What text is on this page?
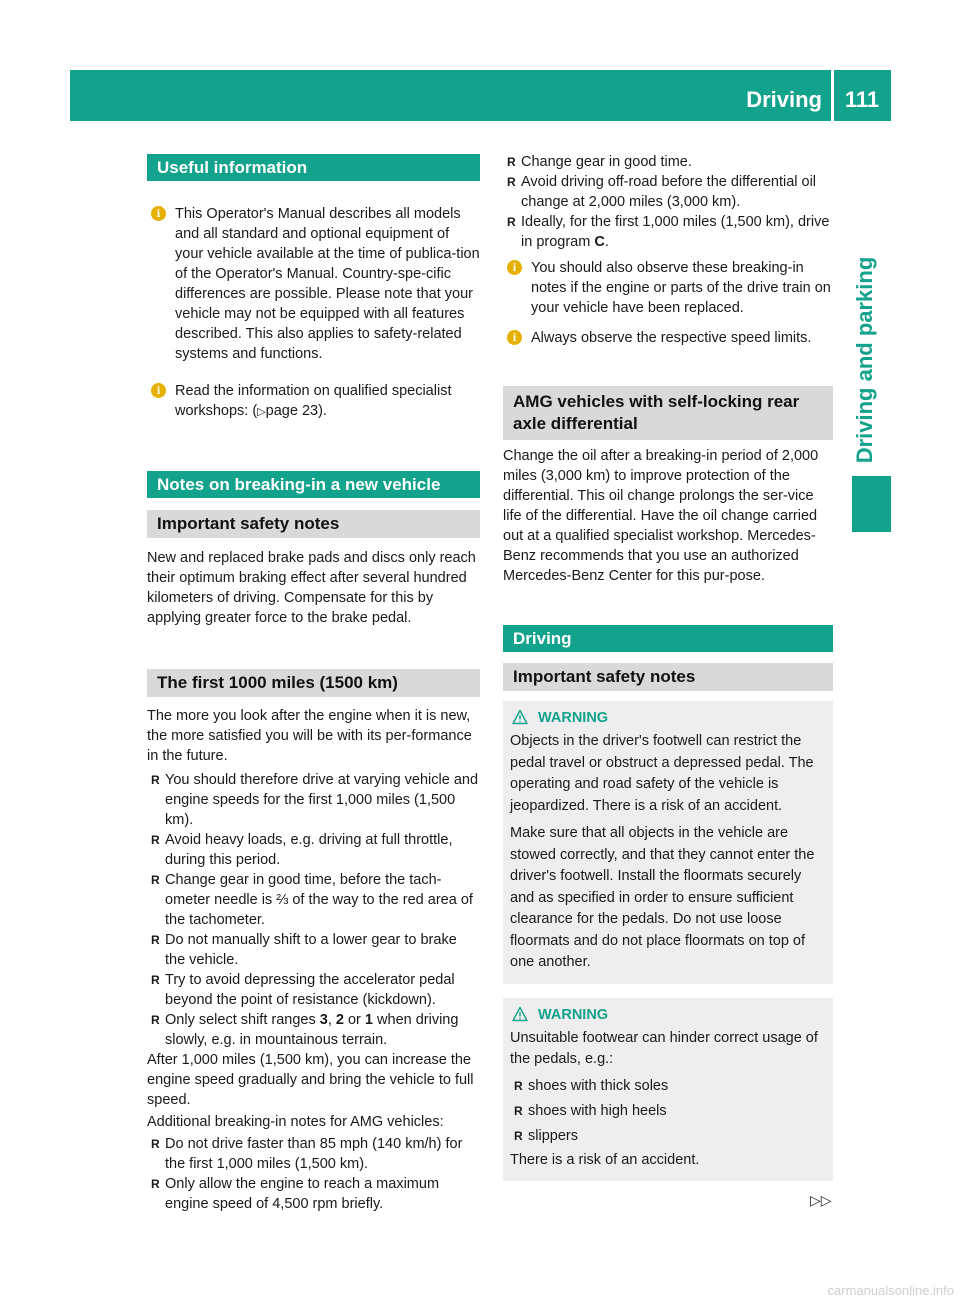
Driving 111
Driving and parking
Useful information
i	This Operator's Manual describes all models and all standard and optional equipment of your vehicle available at the time of publica-tion of the Operator's Manual. Country-spe-cific differences are possible. Please note that your vehicle may not be equipped with all features described. This also applies to safety-related systems and functions.

i	Read the information on qualified specialist workshops: (▷page 23).

Notes on breaking-in a new vehicle
Important safety notes

New and replaced brake pads and discs only reach their optimum braking effect after several hundred kilometers of driving. Compensate for this by applying greater force to the brake pedal.

The first 1000 miles (1500 km)

The more you look after the engine when it is new, the more satisfied you will be with its per-formance in the future.

R You should therefore drive at varying vehicle and engine speeds for the first 1,000 miles (1,500 km).
R Avoid heavy loads, e.g. driving at full throttle, during this period.
R Change gear in good time, before the tach-ometer needle is ⅔ of the way to the red area of the tachometer.
R Do not manually shift to a lower gear to brake the vehicle.
R Try to avoid depressing the accelerator pedal beyond the point of resistance (kickdown).
R Only select shift ranges 3, 2 or 1 when driving slowly, e.g. in mountainous terrain.

After 1,000 miles (1,500 km), you can increase the engine speed gradually and bring the vehicle to full speed.

Additional breaking-in notes for AMG vehicles:

R Do not drive faster than 85 mph (140 km/h) for the first 1,000 miles (1,500 km).
R Only allow the engine to reach a maximum engine speed of 4,500 rpm briefly.
R Change gear in good time.
R Avoid driving off-road before the differential oil change at 2,000 miles (3,000 km).
R Ideally, for the first 1,000 miles (1,500 km), drive in program C.
i	You should also observe these breaking-in notes if the engine or parts of the drive train on your vehicle have been replaced.

i	Always observe the respective speed limits.

AMG vehicles with self-locking rear axle differential

Change the oil after a breaking-in period of 2,000 miles (3,000 km) to improve protection of the differential. This oil change prolongs the ser-vice life of the differential. Have the oil change carried out at a qualified specialist workshop. Mercedes-Benz recommends that you use an authorized Mercedes-Benz Center for this pur-pose.

Driving
Important safety notes
WARNING

Objects in the driver's footwell can restrict the pedal travel or obstruct a depressed pedal. The operating and road safety of the vehicle is jeopardized. There is a risk of an accident.

Make sure that all objects in the vehicle are stowed correctly, and that they cannot enter the driver's footwell. Install the floormats securely and as specified in order to ensure sufficient clearance for the pedals. Do not use loose floormats and do not place floormats on top of one another.

WARNING

Unsuitable footwear can hinder correct usage of the pedals, e.g.:

R shoes with thick soles
R shoes with high heels
R slippers

There is a risk of an accident.

▷▷
carmanualsonline.info
